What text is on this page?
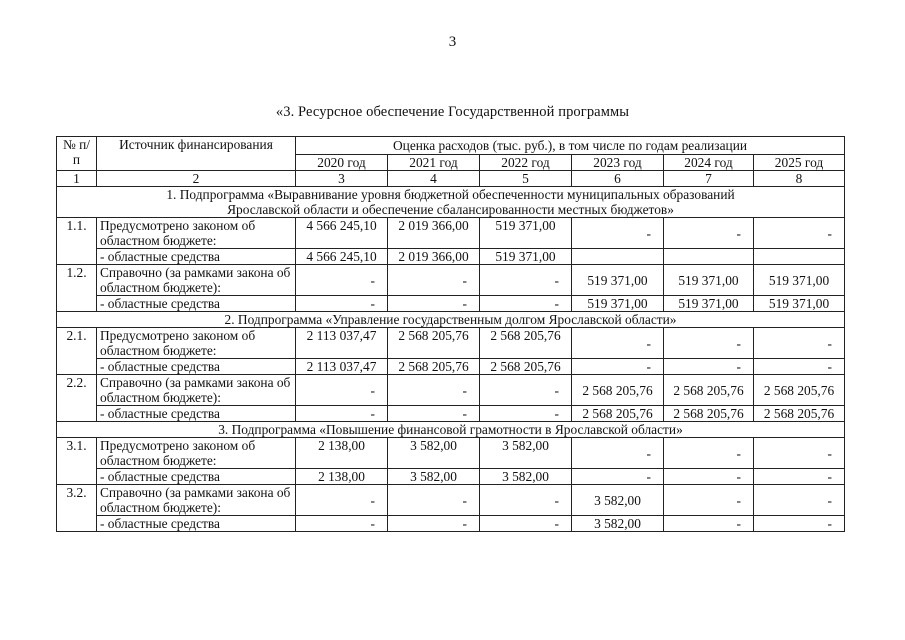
3
«3. Ресурсное обеспечение Государственной программы
№ п/п	Источник финансирования	Оценка расходов (тыс. руб.), в том числе по годам реализации					
		2020 год	2021 год	2022 год	2023 год	2024 год	2025 год
1	2	3	4	5	6	7	8
1. Подпрограмма «Выравнивание уровня бюджетной обеспеченности муниципальных образований Ярославской области и обеспечение сбалансированности местных бюджетов»							
1.1.	Предусмотрено законом об областном бюджете:	4 566 245,10	2 019 366,00	519 371,00	-	-	-
	- областные средства	4 566 245,10	2 019 366,00	519 371,00			
1.2.	Справочно (за рамками закона об областном бюджете):	-	-	-	519 371,00	519 371,00	519 371,00
	- областные средства	-	-	-	519 371,00	519 371,00	519 371,00
2. Подпрограмма «Управление государственным долгом Ярославской области»							
2.1.	Предусмотрено законом об областном бюджете:	2 113 037,47	2 568 205,76	2 568 205,76	-	-	-
	- областные средства	2 113 037,47	2 568 205,76	2 568 205,76	-	-	-
2.2.	Справочно (за рамками закона об областном бюджете):	-	-	-	2 568 205,76	2 568 205,76	2 568 205,76
	- областные средства	-	-	-	2 568 205,76	2 568 205,76	2 568 205,76
3. Подпрограмма «Повышение финансовой грамотности в Ярославской области»							
3.1.	Предусмотрено законом об областном бюджете:	2 138,00	3 582,00	3 582,00	-	-	-
	- областные средства	2 138,00	3 582,00	3 582,00	-	-	-
3.2.	Справочно (за рамками закона об областном бюджете):	-	-	-	3 582,00	-	-
	- областные средства	-	-	-	3 582,00	-	-
